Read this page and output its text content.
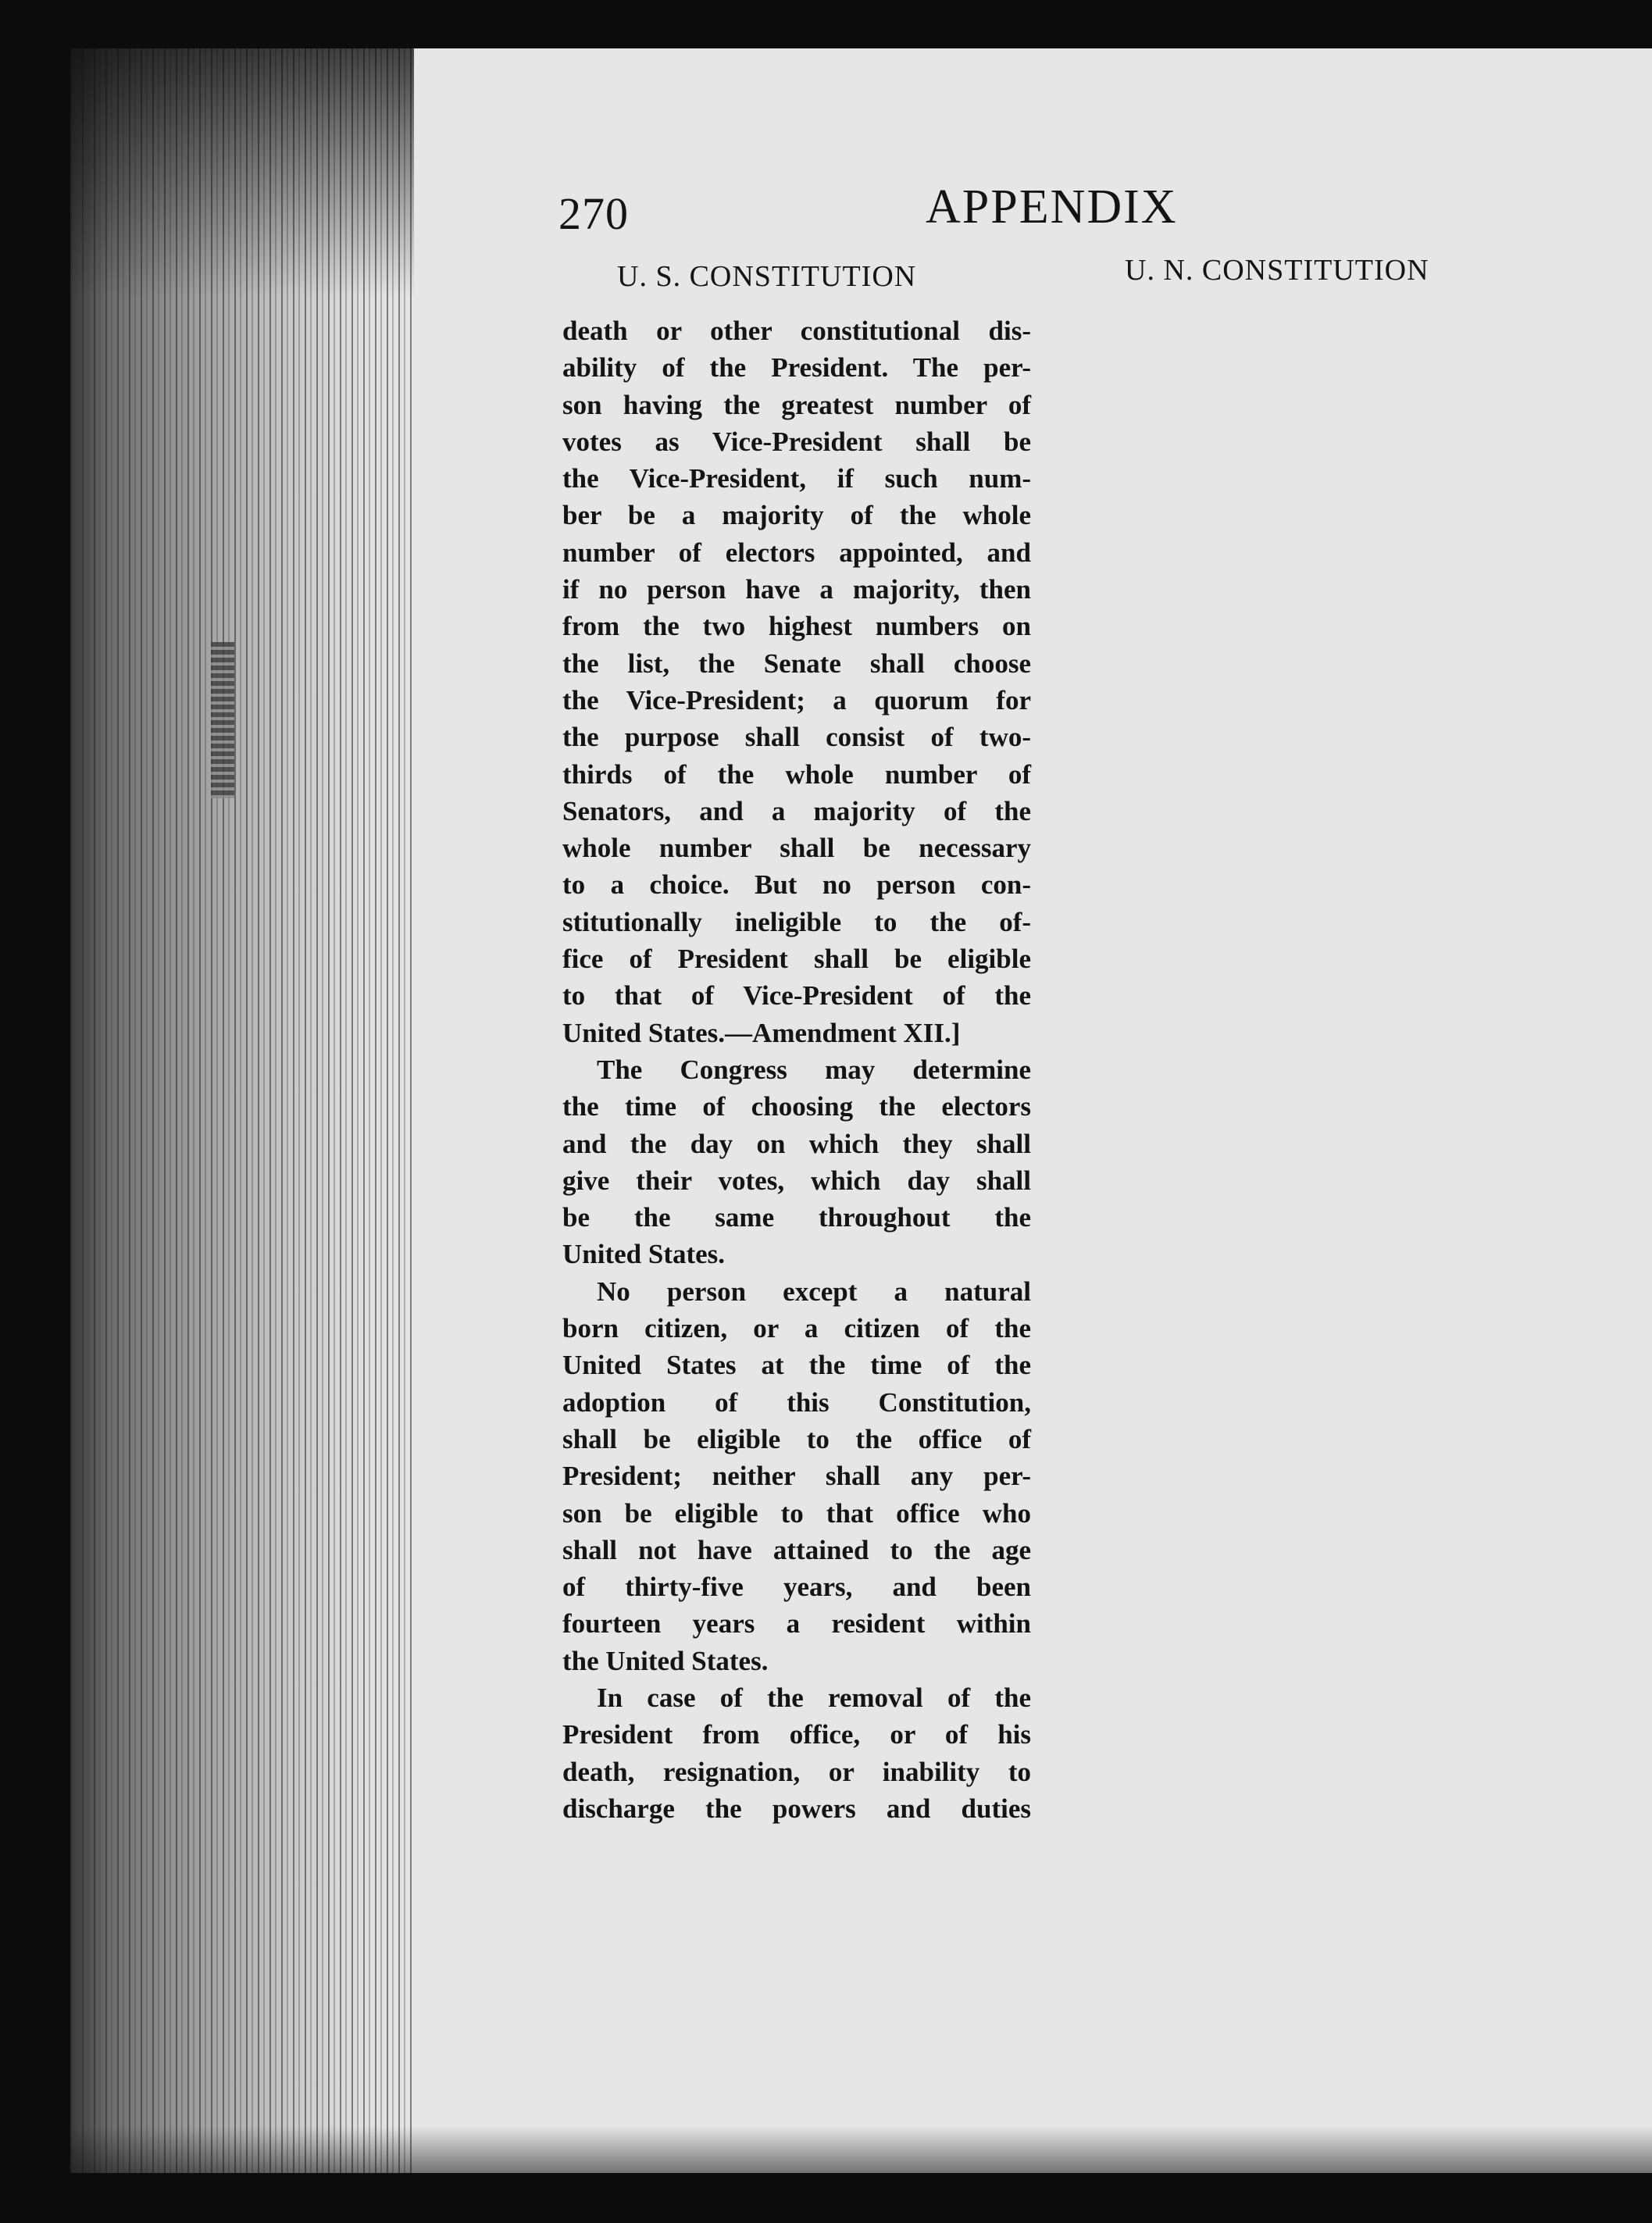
270	APPENDIX
U. S. CONSTITUTION	U. N. CONSTITUTION
death or other constitutional dis-
ability of the President. The per-
son having the greatest number of
votes as Vice-President shall be
the Vice-President, if such num-
ber be a majority of the whole
number of electors appointed, and
if no person have a majority, then
from the two highest numbers on
the list, the Senate shall choose
the Vice-President; a quorum for
the purpose shall consist of two-
thirds of the whole number of
Senators, and a majority of the
whole number shall be necessary
to a choice. But no person con-
stitutionally ineligible to the of-
fice of President shall be eligible
to that of Vice-President of the
United States.—Amendment XII.]
The Congress may determine
the time of choosing the electors
and the day on which they shall
give their votes, which day shall
be the same throughout the
United States.
No person except a natural
born citizen, or a citizen of the
United States at the time of the
adoption of this Constitution,
shall be eligible to the office of
President; neither shall any per-
son be eligible to that office who
shall not have attained to the age
of thirty-five years, and been
fourteen years a resident within
the United States.
In case of the removal of the
President from office, or of his
death, resignation, or inability to
discharge the powers and duties
